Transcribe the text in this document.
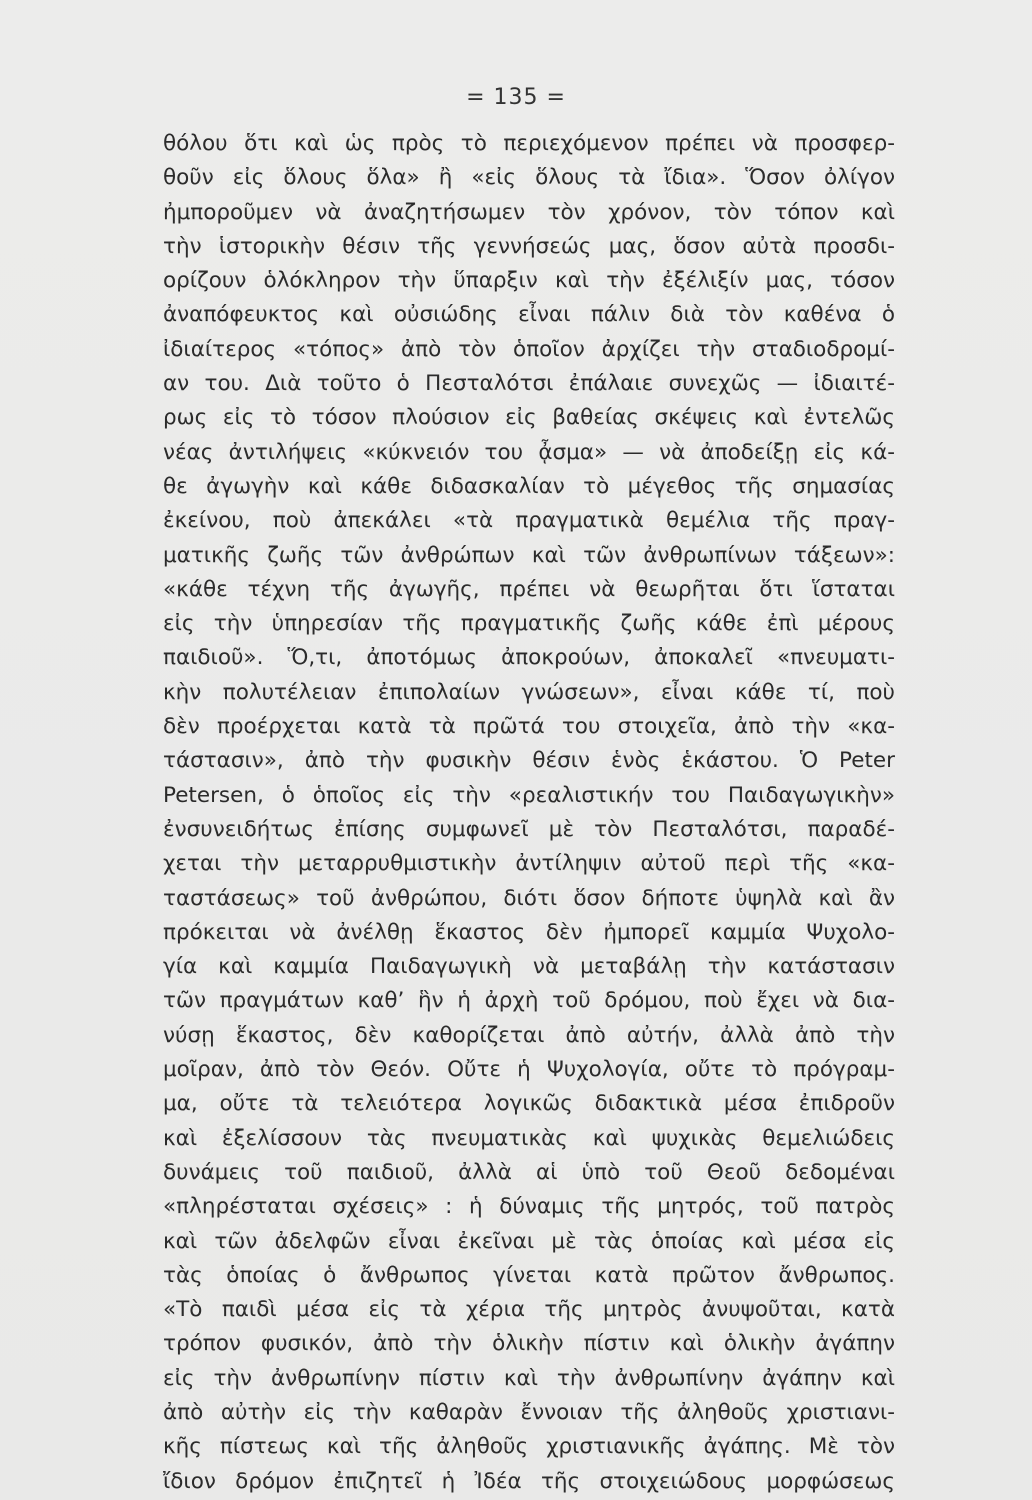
= 135 =
θόλου ὅτι καὶ ὡς πρὸς τὸ περιεχόμενον πρέπει νὰ προσφερ-
θοῦν εἰς ὅλους ὅλα» ἢ «εἰς ὅλους τὰ ἴδια». Ὅσον ὀλίγον
ἠμποροῦμεν νὰ ἀναζητήσωμεν τὸν χρόνον, τὸν τόπον καὶ
τὴν ἱστορικὴν θέσιν τῆς γεννήσεώς μας, ὅσον αὐτὰ προσδι-
ορίζουν ὁλόκληρον τὴν ὕπαρξιν καὶ τὴν ἐξέλιξίν μας, τόσον
ἀναπόφευκτος καὶ οὐσιώδης εἶναι πάλιν διὰ τὸν καθένα ὁ
ἰδιαίτερος «τόπος» ἀπὸ τὸν ὁποῖον ἀρχίζει τὴν σταδιοδρομί-
αν του. Διὰ τοῦτο ὁ Πεσταλότσι ἐπάλαιε συνεχῶς — ἰδιαιτέ-
ρως εἰς τὸ τόσον πλούσιον εἰς βαθείας σκέψεις καὶ ἐντελῶς
νέας ἀντιλήψεις «κύκνειόν του ᾆσμα» — νὰ ἀποδείξῃ εἰς κά-
θε ἀγωγὴν καὶ κάθε διδασκαλίαν τὸ μέγεθος τῆς σημασίας
ἐκείνου, ποὺ ἀπεκάλει «τὰ πραγματικὰ θεμέλια τῆς πραγ-
ματικῆς ζωῆς τῶν ἀνθρώπων καὶ τῶν ἀνθρωπίνων τάξεων»:
«κάθε τέχνη τῆς ἀγωγῆς, πρέπει νὰ θεωρῆται ὅτι ἵσταται
εἰς τὴν ὑπηρεσίαν τῆς πραγματικῆς ζωῆς κάθε ἐπὶ μέρους
παιδιοῦ». Ὅ,τι, ἀποτόμως ἀποκρούων, ἀποκαλεῖ «πνευματι-
κὴν πολυτέλειαν ἐπιπολαίων γνώσεων», εἶναι κάθε τί, ποὺ
δὲν προέρχεται κατὰ τὰ πρῶτά του στοιχεῖα, ἀπὸ τὴν «κα-
τάστασιν», ἀπὸ τὴν φυσικὴν θέσιν ἑνὸς ἑκάστου. Ὁ Peter
Petersen, ὁ ὁποῖος εἰς τὴν «ρεαλιστικήν του Παιδαγωγικὴν»
ἐνσυνειδήτως ἐπίσης συμφωνεῖ μὲ τὸν Πεσταλότσι, παραδέ-
χεται τὴν μεταρρυθμιστικὴν ἀντίληψιν αὐτοῦ περὶ τῆς «κα-
ταστάσεως» τοῦ ἀνθρώπου, διότι ὅσον δήποτε ὑψηλὰ καὶ ἂν
πρόκειται νὰ ἀνέλθῃ ἕκαστος δὲν ἠμπορεῖ καμμία Ψυχολο-
γία καὶ καμμία Παιδαγωγικὴ νὰ μεταβάλῃ τὴν κατάστασιν
τῶν πραγμάτων καθ’ ἣν ἡ ἀρχὴ τοῦ δρόμου, ποὺ ἔχει νὰ δια-
νύσῃ ἕκαστος, δὲν καθορίζεται ἀπὸ αὐτήν, ἀλλὰ ἀπὸ τὴν
μοῖραν, ἀπὸ τὸν Θεόν. Οὔτε ἡ Ψυχολογία, οὔτε τὸ πρόγραμ-
μα, οὔτε τὰ τελειότερα λογικῶς διδακτικὰ μέσα ἐπιδροῦν
καὶ ἐξελίσσουν τὰς πνευματικὰς καὶ ψυχικὰς θεμελιώδεις
δυνάμεις τοῦ παιδιοῦ, ἀλλὰ αἱ ὑπὸ τοῦ Θεοῦ δεδομέναι
«πληρέσταται σχέσεις» : ἡ δύναμις τῆς μητρός, τοῦ πατρὸς
καὶ τῶν ἀδελφῶν εἶναι ἐκεῖναι μὲ τὰς ὁποίας καὶ μέσα εἰς
τὰς ὁποίας ὁ ἄνθρωπος γίνεται κατὰ πρῶτον ἄνθρωπος.
«Τὸ παιδὶ μέσα εἰς τὰ χέρια τῆς μητρὸς ἀνυψοῦται, κατὰ
τρόπον φυσικόν, ἀπὸ τὴν ὁλικὴν πίστιν καὶ ὁλικὴν ἀγάπην
εἰς τὴν ἀνθρωπίνην πίστιν καὶ τὴν ἀνθρωπίνην ἀγάπην καὶ
ἀπὸ αὐτὴν εἰς τὴν καθαρὰν ἔννοιαν τῆς ἀληθοῦς χριστιανι-
κῆς πίστεως καὶ τῆς ἀληθοῦς χριστιανικῆς ἀγάπης. Μὲ τὸν
ἴδιον δρόμον ἐπιζητεῖ ἡ Ἰδέα τῆς στοιχειώδους μορφώσεως
